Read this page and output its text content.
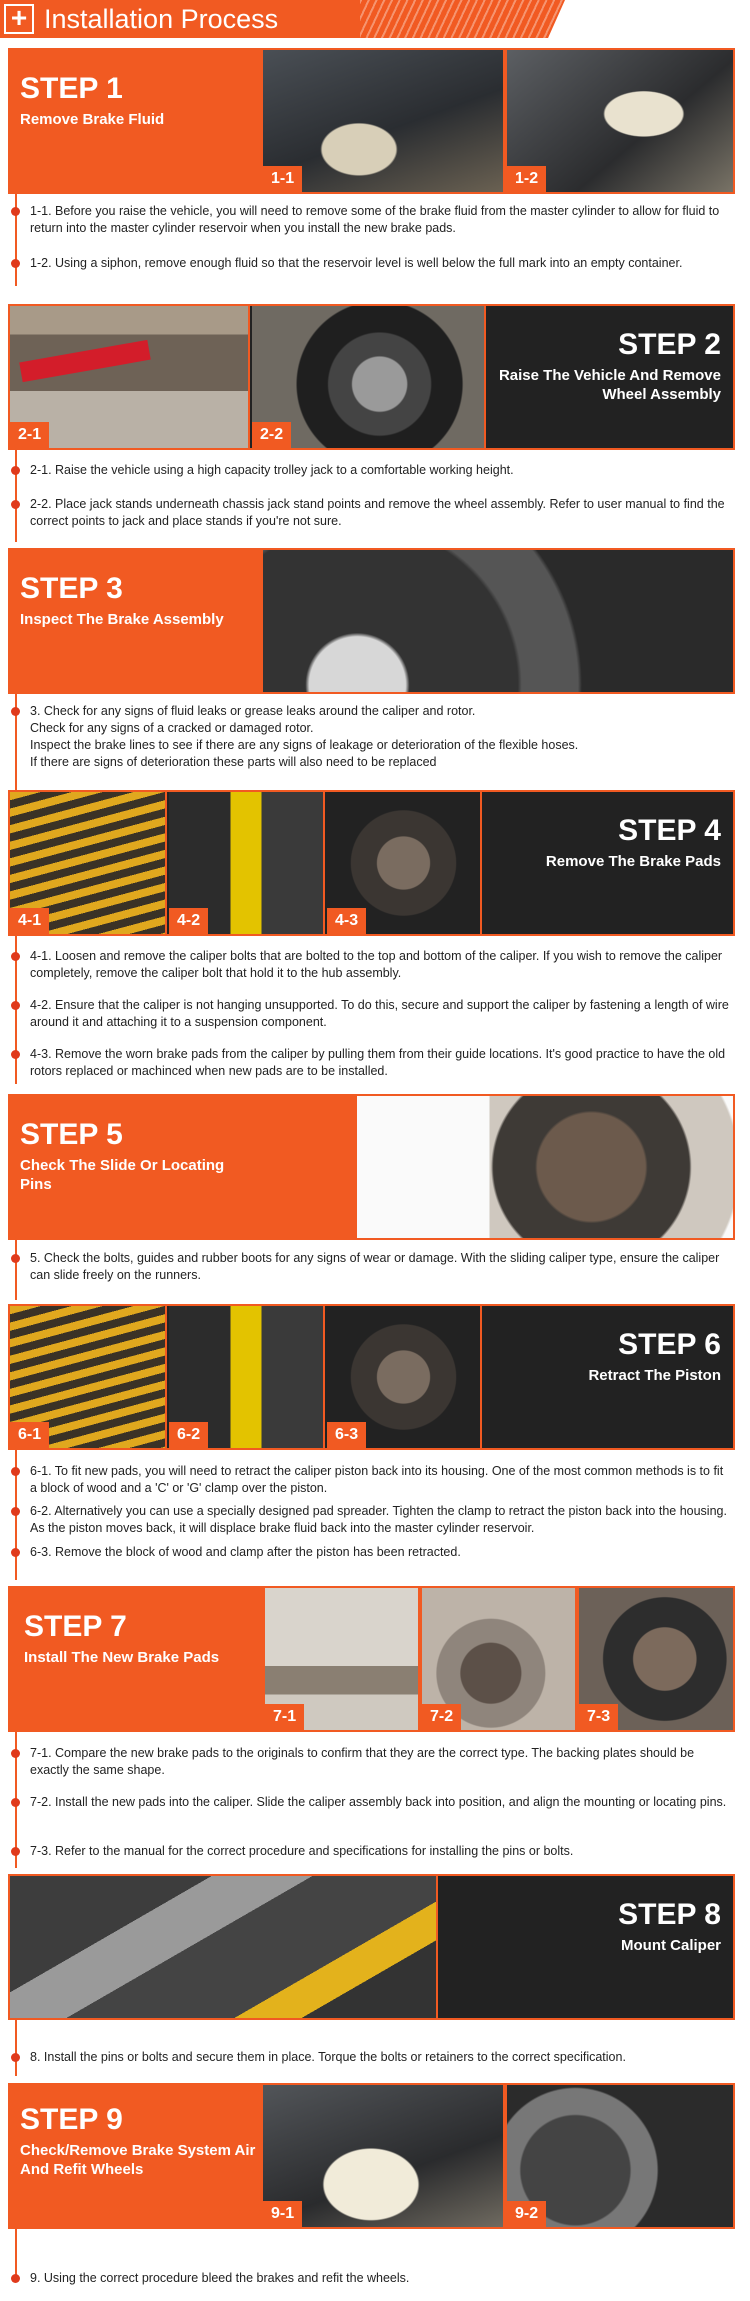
+ Installation Process
STEP 1
Remove Brake Fluid
1-1	1-2
1-1. Before you raise the vehicle, you will need to remove some of the brake fluid from the master cylinder to allow for fluid to return into the master cylinder reservoir when you install the new brake pads.
1-2. Using a siphon, remove enough fluid so that the reservoir level is well below the full mark into an empty container.
2-1	2-2
STEP 2
Raise The Vehicle And Remove Wheel Assembly
2-1. Raise the vehicle using a high capacity trolley jack to a comfortable working height.
2-2. Place jack stands underneath chassis jack stand points and remove the wheel assembly. Refer to user manual to find the correct points to jack and place stands if you're not sure.
STEP 3
Inspect The Brake Assembly
3. Check for any signs of fluid leaks or grease leaks around the caliper and rotor.
Check for any signs of a cracked or damaged rotor.
Inspect the brake lines to see if there are any signs of leakage or deterioration of the flexible hoses.
If there are signs of deterioration these parts will also need to be replaced
4-1	4-2	4-3
STEP 4
Remove The Brake Pads
4-1. Loosen and remove the caliper bolts that are bolted to the top and bottom of the caliper. If you wish to remove the caliper completely, remove the caliper bolt that hold it to the hub assembly.
4-2. Ensure that the caliper is not hanging unsupported. To do this, secure and support the caliper by fastening a length of wire around it and attaching it to a suspension component.
4-3. Remove the worn brake pads from the caliper by pulling them from their guide locations. It's good practice to have the old rotors replaced or machinced when new pads are to be installed.
STEP 5
Check The Slide Or Locating Pins
5. Check the bolts, guides and rubber boots for any signs of wear or damage. With the sliding caliper type, ensure the caliper can slide freely on the runners.
6-1	6-2	6-3
STEP 6
Retract The Piston
6-1. To fit new pads, you will need to retract the caliper piston back into its housing. One of the most common methods is to fit a block of wood and a 'C' or 'G' clamp over the piston.
6-2. Alternatively you can use a specially designed pad spreader. Tighten the clamp to retract the piston back into the housing. As the piston moves back, it will displace brake fluid back into the master cylinder reservoir.
6-3. Remove the block of wood and clamp after the piston has been retracted.
STEP 7
Install The New Brake Pads
7-1	7-2	7-3
7-1. Compare the new brake pads to the originals to confirm that they are the correct type. The backing plates should be exactly the same shape.
7-2. Install the new pads into the caliper. Slide the caliper assembly back into position, and align the mounting or locating pins.
7-3. Refer to the manual for the correct procedure and specifications for installing the pins or bolts.
STEP 8
Mount Caliper
8. Install the pins or bolts and secure them in place. Torque the bolts or retainers to the correct specification.
STEP 9
Check/Remove Brake System Air And Refit Wheels
9-1	9-2
9. Using the correct procedure bleed the brakes and refit the wheels.
